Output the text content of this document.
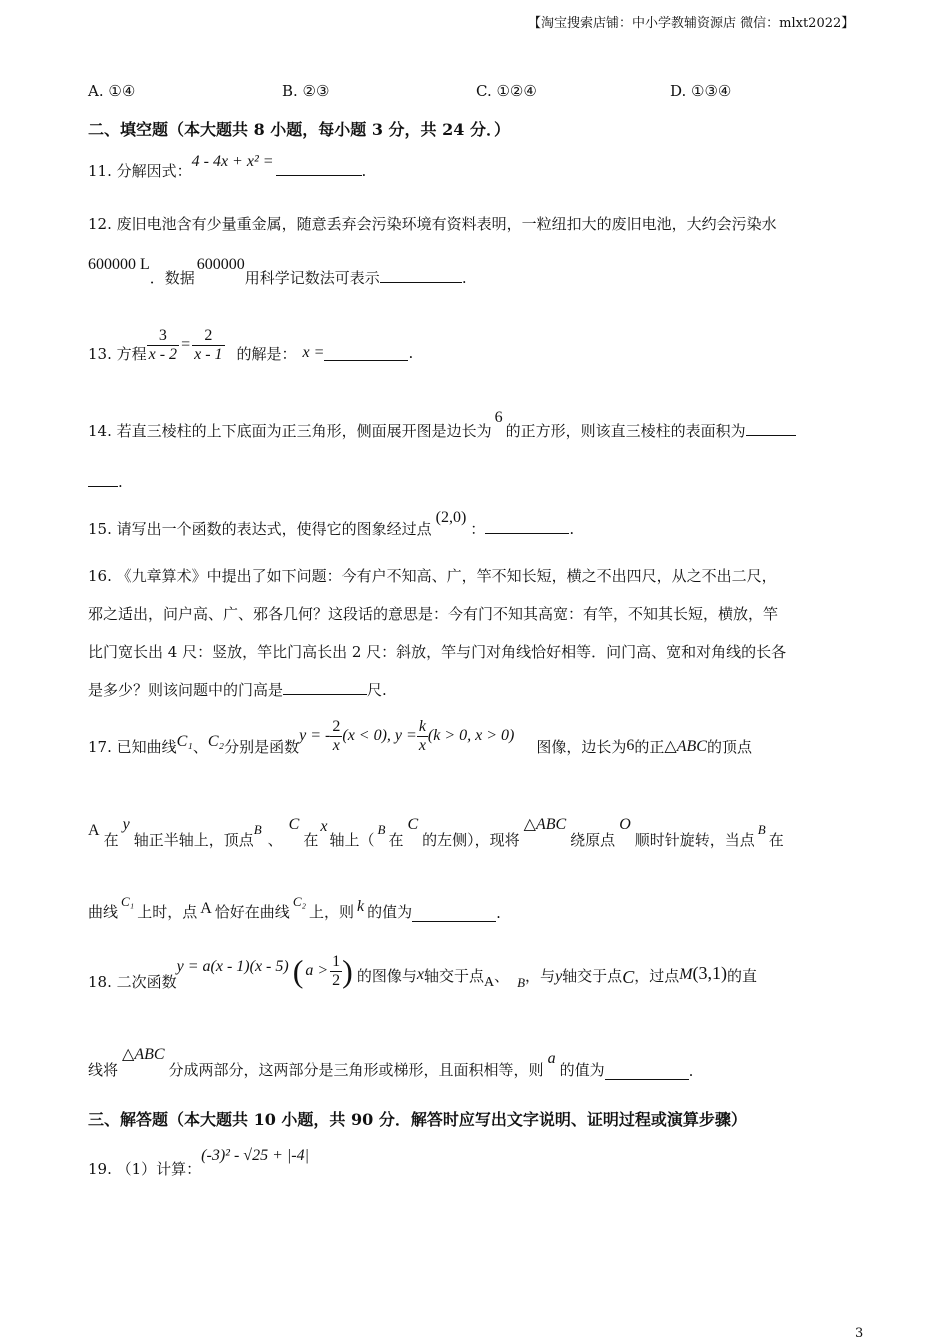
【淘宝搜索店铺：中小学教辅资源店 微信：mlxt2022】
A. ①④	B. ②③	C. ①②④	D. ①③④
二、填空题（本大题共 8 小题，每小题 3 分，共 24 分．）
11. 分解因式：4 - 4x + x² =.
12. 废旧电池含有少量重金属，随意丢弃会污染环境有资料表明，一粒纽扣大的废旧电池，大约会污染水
600000 L．数据600000用科学记数法可表示	.
13. 方程 $\frac{3}{x - 2} = \frac{2}{x - 1}$ 的解是： x =	.
14. 若直三棱柱的上下底面为正三角形，侧面展开图是边长为6的正方形，则该直三棱柱的表面积为
.
15. 请写出一个函数的表达式，使得它的图象经过点(2,0)：	.
16. 《九章算术》中提出了如下问题：今有户不知高、广，竿不知长短，横之不出四尺，从之不出二尺，
邪之适出，问户高、广、邪各几何？这段话的意思是：今有门不知其高宽：有竿，不知其长短，横放，竿
比门宽长出 4 尺：竖放，竿比门高长出 2 尺：斜放，竿与门对角线恰好相等．问门高、宽和对角线的长各
是多少？则该问题中的门高是	尺.
17. 已知曲线 C₁ 、 C₂ 分别是函数
y = - $\frac{2}{x} (x < 0)$, $y = \frac{k}{x} (k > 0$, x > 0)
图像，边长为 6 的正 △ABC 的顶点
A
在
y
轴正半轴上，顶点
B
、
C
在
x
轴上（
B
在
C
的左侧），现将
△ABC
绕原点
O
顺时针旋转，当点
B
在
曲线
C₁
上时，点 A 恰好在曲线
C₂
上，则 k 的值为	.
18. 二次函数
y = a(x - 1)(x - 5) ( $a > \frac{1}{2}$ ) 的图像与 x 轴交于点 A 、 B ，与 y 轴交于点 C ，过点 M (3,1) 的直
线将
△ABC
分成两部分，这两部分是三角形或梯形，且面积相等，则
a
的值为	.
三、解答题（本大题共 10 小题，共 90 分．解答时应写出文字说明、证明过程或演算步骤）
19. （1）计算：(-3)² - √25 + |-4|
3
